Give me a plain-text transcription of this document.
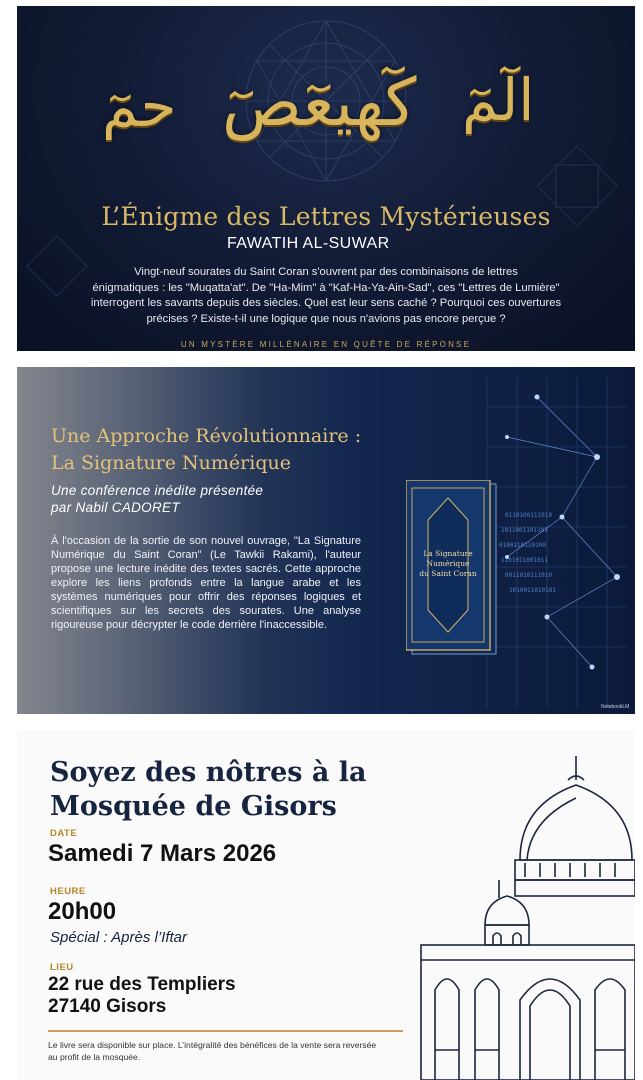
حمٓ كٓهيعٓصٓ الٓمٓ
L’Énigme des Lettres Mystérieuses
FAWATIH AL-SUWAR
Vingt-neuf sourates du Saint Coran s'ouvrent par des combinaisons de lettres
énigmatiques : les "Muqatta'at". De "Ha-Mim" à "Kaf-Ha-Ya-Ain-Sad", ces "Lettres de Lumière"
interrogent les savants depuis des siècles. Quel est leur sens caché ? Pourquoi ces ouvertures
précises ? Existe-t-il une logique que nous n'avions pas encore perçue ?
UN MYSTÈRE MILLÉNAIRE EN QUÊTE DE RÉPONSE
0110100111010
1011001101101
0100110110100
1101011001011
0011010111010
1010011010101
Une Approche Révolutionnaire :
La Signature Numérique
Une conférence inédite présentée
par Nabil CADORET
À l'occasion de la sortie de son nouvel ouvrage, "La Signature Numérique du Saint Coran" (Le Tawkii Rakami), l'auteur propose une lecture inédite des textes sacrés. Cette approche explore les liens profonds entre la langue arabe et les systèmes numériques pour offrir des réponses logiques et scientifiques sur les secrets des sourates. Une analyse rigoureuse pour décrypter le code derrière l'inaccessible.
La Signature
Numérique
du Saint Coran
NotebookLM
Soyez des nôtres à la
Mosquée de Gisors
DATE
Samedi 7 Mars 2026
HEURE
20h00
Spécial : Après l’Iftar
LIEU
22 rue des Templiers
27140 Gisors
Le livre sera disponible sur place. L’intégralité des bénéfices de la vente sera reversée au profit de la mosquée.
